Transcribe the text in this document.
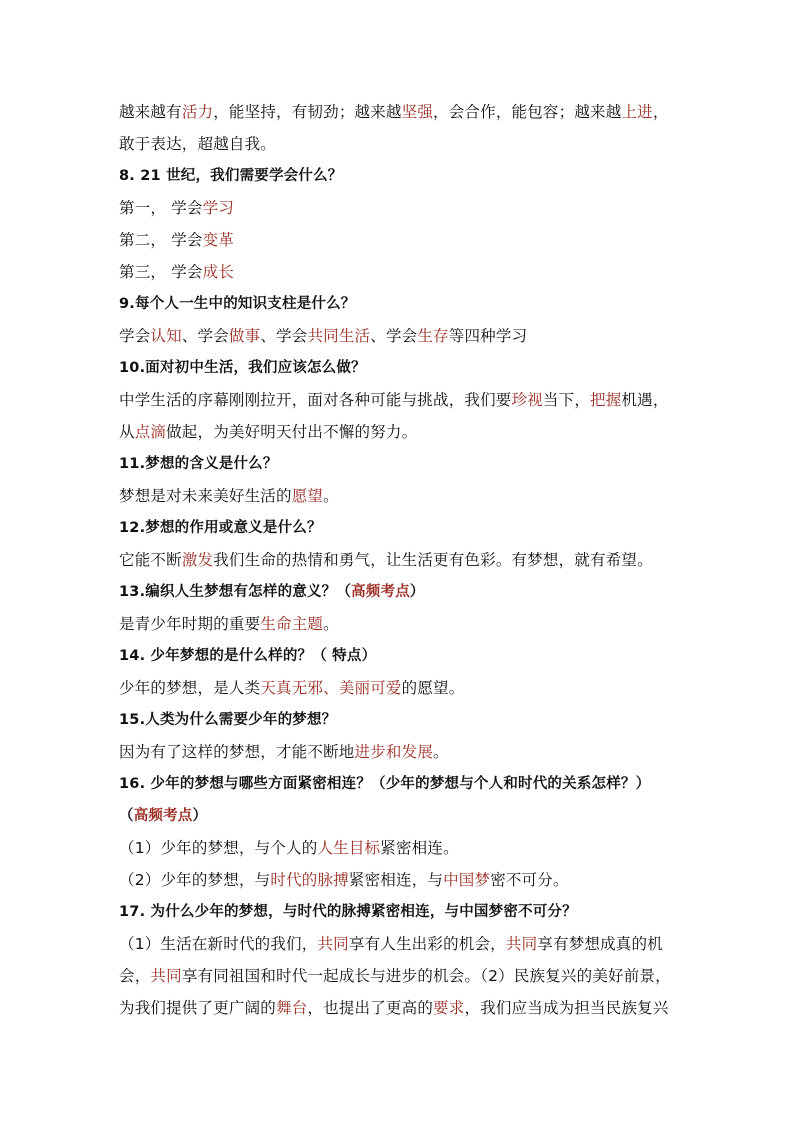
越来越有活力，能坚持，有韧劲；越来越坚强，会合作，能包容；越来越上进，
敢于表达，超越自我。
8. 21 世纪，我们需要学会什么？
第一， 学会学习
第二， 学会变革
第三， 学会成长
9.每个人一生中的知识支柱是什么？
学会认知、学会做事、学会共同生活、学会生存等四种学习
10.面对初中生活，我们应该怎么做？
中学生活的序幕刚刚拉开，面对各种可能与挑战，我们要珍视当下，把握机遇，
从点滴做起，为美好明天付出不懈的努力。
11.梦想的含义是什么？
梦想是对未来美好生活的愿望。
12.梦想的作用或意义是什么？
它能不断激发我们生命的热情和勇气，让生活更有色彩。有梦想，就有希望。
13.编织人生梦想有怎样的意义？（高频考点）
是青少年时期的重要生命主题。
14. 少年梦想的是什么样的？（ 特点）
少年的梦想，是人类天真无邪、美丽可爱的愿望。
15.人类为什么需要少年的梦想？
因为有了这样的梦想，才能不断地进步和发展。
16. 少年的梦想与哪些方面紧密相连？（少年的梦想与个人和时代的关系怎样？）
（高频考点）
（1）少年的梦想，与个人的人生目标紧密相连。
（2）少年的梦想，与时代的脉搏紧密相连，与中国梦密不可分。
17. 为什么少年的梦想，与时代的脉搏紧密相连，与中国梦密不可分？
（1）生活在新时代的我们，共同享有人生出彩的机会，共同享有梦想成真的机
会，共同享有同祖国和时代一起成长与进步的机会。（2）民族复兴的美好前景，
为我们提供了更广阔的舞台，也提出了更高的要求，我们应当成为担当民族复兴
